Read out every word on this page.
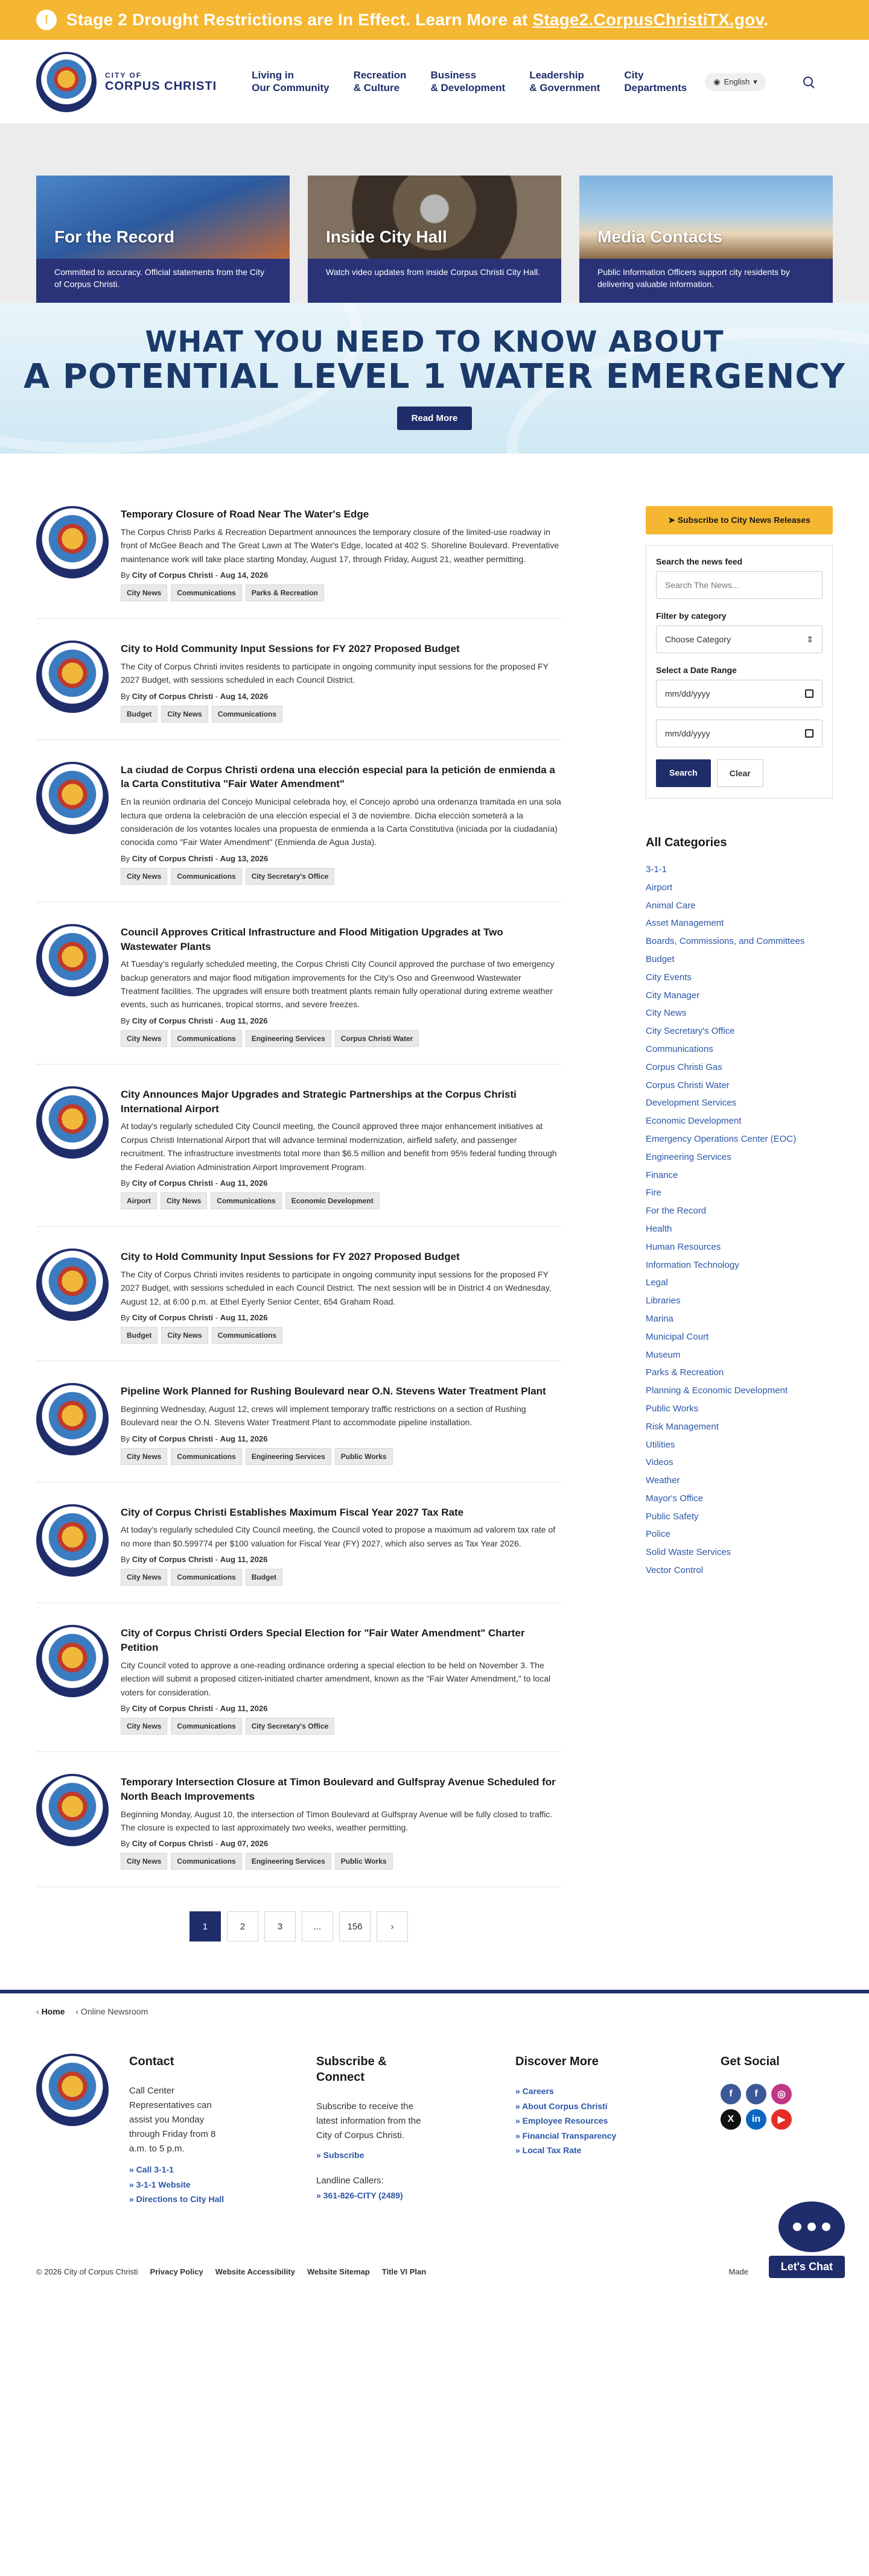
!	Stage 2 Drought Restrictions are In Effect. Learn More at Stage2.CorpusChristiTX.gov.
CITY OF
CORPUS CHRISTI
Living in
Our Community
Recreation
& Culture
Business
& Development
Leadership
& Government
City
Departments
◉ English ▾
For the Record
Committed to accuracy. Official statements from the City of Corpus Christi.
Inside City Hall
Watch video updates from inside Corpus Christi City Hall.
Media Contacts
Public Information Officers support city residents by delivering valuable information.
WHAT YOU NEED TO KNOW ABOUT
A POTENTIAL LEVEL 1 WATER EMERGENCY
Read More
Temporary Closure of Road Near The Water's Edge

The Corpus Christi Parks & Recreation Department announces the temporary closure of the limited-use roadway in front of McGee Beach and The Great Lawn at The Water's Edge, located at 402 S. Shoreline Boulevard. Preventative maintenance work will take place starting Monday, August 17, through Friday, August 21, weather permitting.

By City of Corpus Christi - Aug 14, 2026
City News	Communications	Parks & Recreation
City to Hold Community Input Sessions for FY 2027 Proposed Budget

The City of Corpus Christi invites residents to participate in ongoing community input sessions for the proposed FY 2027 Budget, with sessions scheduled in each Council District.

By City of Corpus Christi - Aug 14, 2026
Budget	City News	Communications
La ciudad de Corpus Christi ordena una elección especial para la petición de enmienda a la Carta Constitutiva "Fair Water Amendment"

En la reunión ordinaria del Concejo Municipal celebrada hoy, el Concejo aprobó una ordenanza tramitada en una sola lectura que ordena la celebración de una elección especial el 3 de noviembre. Dicha elección someterá a la consideración de los votantes locales una propuesta de enmienda a la Carta Constitutiva (iniciada por la ciudadanía) conocida como "Fair Water Amendment" (Enmienda de Agua Justa).

By City of Corpus Christi - Aug 13, 2026
City News	Communications	City Secretary's Office
Council Approves Critical Infrastructure and Flood Mitigation Upgrades at Two Wastewater Plants

At Tuesday's regularly scheduled meeting, the Corpus Christi City Council approved the purchase of two emergency backup generators and major flood mitigation improvements for the City's Oso and Greenwood Wastewater Treatment facilities. The upgrades will ensure both treatment plants remain fully operational during extreme weather events, such as hurricanes, tropical storms, and severe freezes.

By City of Corpus Christi - Aug 11, 2026
City News	Communications	Engineering Services	Corpus Christi Water
City Announces Major Upgrades and Strategic Partnerships at the Corpus Christi International Airport

At today's regularly scheduled City Council meeting, the Council approved three major enhancement initiatives at Corpus Christi International Airport that will advance terminal modernization, airfield safety, and passenger recruitment. The infrastructure investments total more than $6.5 million and benefit from 95% federal funding through the Federal Aviation Administration Airport Improvement Program.

By City of Corpus Christi - Aug 11, 2026
Airport	City News	Communications	Economic Development
City to Hold Community Input Sessions for FY 2027 Proposed Budget

The City of Corpus Christi invites residents to participate in ongoing community input sessions for the proposed FY 2027 Budget, with sessions scheduled in each Council District. The next session will be in District 4 on Wednesday, August 12, at 6:00 p.m. at Ethel Eyerly Senior Center, 654 Graham Road.

By City of Corpus Christi - Aug 11, 2026
Budget	City News	Communications
Pipeline Work Planned for Rushing Boulevard near O.N. Stevens Water Treatment Plant

Beginning Wednesday, August 12, crews will implement temporary traffic restrictions on a section of Rushing Boulevard near the O.N. Stevens Water Treatment Plant to accommodate pipeline installation.

By City of Corpus Christi - Aug 11, 2026
City News	Communications	Engineering Services	Public Works
City of Corpus Christi Establishes Maximum Fiscal Year 2027 Tax Rate

At today's regularly scheduled City Council meeting, the Council voted to propose a maximum ad valorem tax rate of no more than $0.599774 per $100 valuation for Fiscal Year (FY) 2027, which also serves as Tax Year 2026.

By City of Corpus Christi - Aug 11, 2026
City News	Communications	Budget
City of Corpus Christi Orders Special Election for "Fair Water Amendment" Charter Petition

City Council voted to approve a one-reading ordinance ordering a special election to be held on November 3. The election will submit a proposed citizen-initiated charter amendment, known as the "Fair Water Amendment," to local voters for consideration.

By City of Corpus Christi - Aug 11, 2026
City News	Communications	City Secretary's Office
Temporary Intersection Closure at Timon Boulevard and Gulfspray Avenue Scheduled for North Beach Improvements

Beginning Monday, August 10, the intersection of Timon Boulevard at Gulfspray Avenue will be fully closed to traffic. The closure is expected to last approximately two weeks, weather permitting.

By City of Corpus Christi - Aug 07, 2026
City News	Communications	Engineering Services	Public Works
1	2	3	...	156	›
➤ Subscribe to City News Releases
Search the news feed
Search The News...
Filter by category
Choose Category	⇕
Select a Date Range
mm/dd/yyyy
mm/dd/yyyy
Search	Clear
All Categories
3-1-1
Airport
Animal Care
Asset Management
Boards, Commissions, and Committees
Budget
City Events
City Manager
City News
City Secretary's Office
Communications
Corpus Christi Gas
Corpus Christi Water
Development Services
Economic Development
Emergency Operations Center (EOC)
Engineering Services
Finance
Fire
For the Record
Health
Human Resources
Information Technology
Legal
Libraries
Marina
Municipal Court
Museum
Parks & Recreation
Planning & Economic Development
Public Works
Risk Management
Utilities
Videos
Weather
Mayor's Office
Public Safety
Police
Solid Waste Services
Vector Control
‹ Home ‹ Online Newsroom
Contact

Call Center Representatives can assist you Monday through Friday from 8 a.m. to 5 p.m.

» Call 3-1-1
» 3-1-1 Website
» Directions to City Hall
Subscribe & Connect

Subscribe to receive the latest information from the City of Corpus Christi.

» Subscribe

Landline Callers:

» 361-826-CITY (2489)
Discover More
» Careers
» About Corpus Christi
» Employee Resources
» Financial Transparency
» Local Tax Rate
Get Social
f	f	◎
X	in	▶
© 2026 City of Corpus Christi Privacy Policy Website Accessibility Website Sitemap Title VI Plan	Made	Let's Chat
